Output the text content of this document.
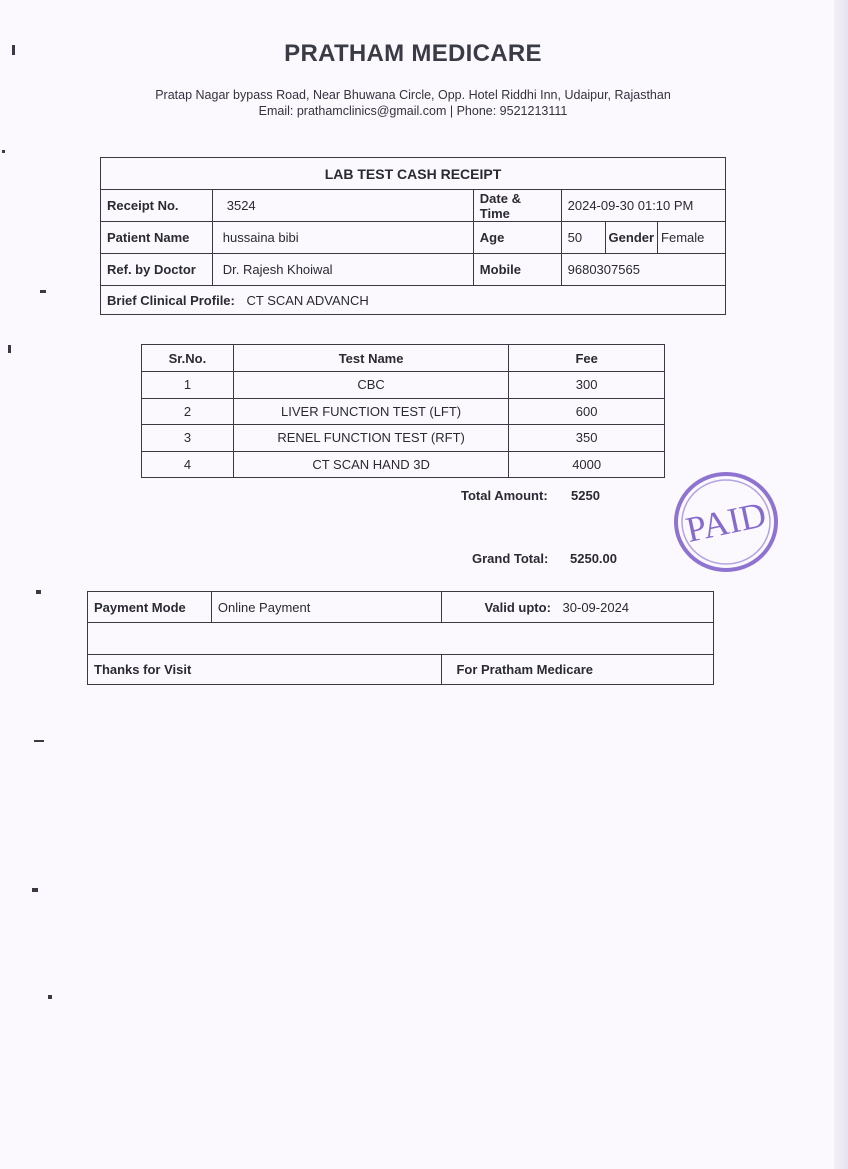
PRATHAM MEDICARE
Pratap Nagar bypass Road, Near Bhuwana Circle, Opp. Hotel Riddhi Inn, Udaipur, Rajasthan
Email: prathamclinics@gmail.com | Phone: 9521213111
LAB TEST CASH RECEIPT					
Receipt No.	3524	Date & Time	2024-09-30 01:10 PM		
Patient Name	hussaina bibi	Age	50	Gender	Female
Ref. by Doctor	Dr. Rajesh Khoiwal	Mobile	9680307565		
Brief Clinical Profile: CT SCAN ADVANCH					
Sr.No.	Test Name	Fee
1	CBC	300
2	LIVER FUNCTION TEST (LFT)	600
3	RENEL FUNCTION TEST (RFT)	350
4	CT SCAN HAND 3D	4000
Total Amount: 5250
Grand Total: 5250.00
PAID
Payment Mode	Online Payment	Valid upto: 30-09-2024

Thanks for Visit		For Pratham Medicare
